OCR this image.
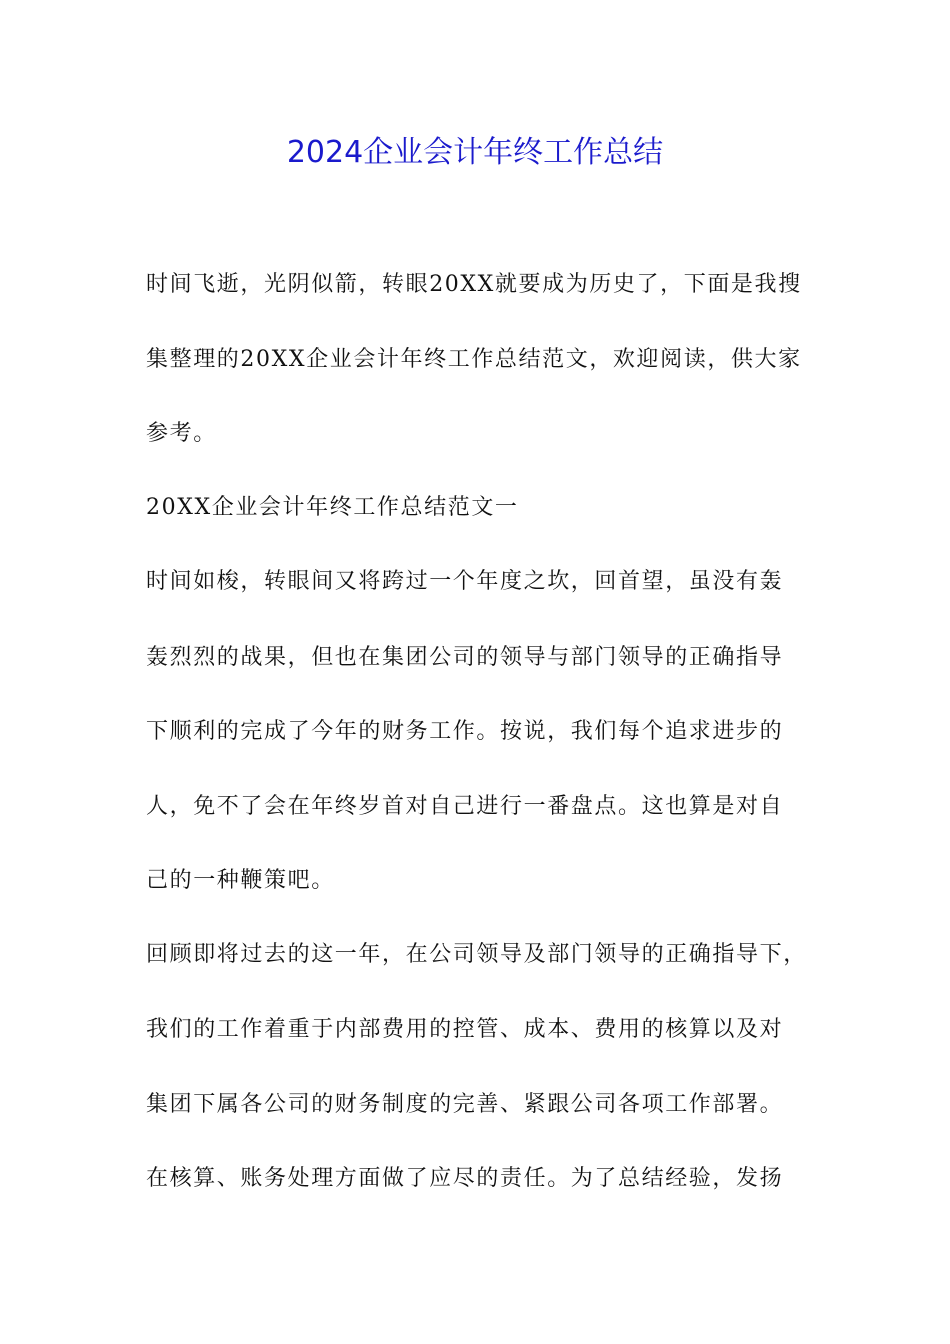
2024企业会计年终工作总结

时间飞逝，光阴似箭，转眼20XX就要成为历史了，下面是我搜

集整理的20XX企业会计年终工作总结范文，欢迎阅读，供大家

参考。

20XX企业会计年终工作总结范文一

时间如梭，转眼间又将跨过一个年度之坎，回首望，虽没有轰

轰烈烈的战果，但也在集团公司的领导与部门领导的正确指导

下顺利的完成了今年的财务工作。按说，我们每个追求进步的

人，免不了会在年终岁首对自己进行一番盘点。这也算是对自

己的一种鞭策吧。

回顾即将过去的这一年，在公司领导及部门领导的正确指导下，

我们的工作着重于内部费用的控管、成本、费用的核算以及对

集团下属各公司的财务制度的完善、紧跟公司各项工作部署。

在核算、账务处理方面做了应尽的责任。为了总结经验，发扬
